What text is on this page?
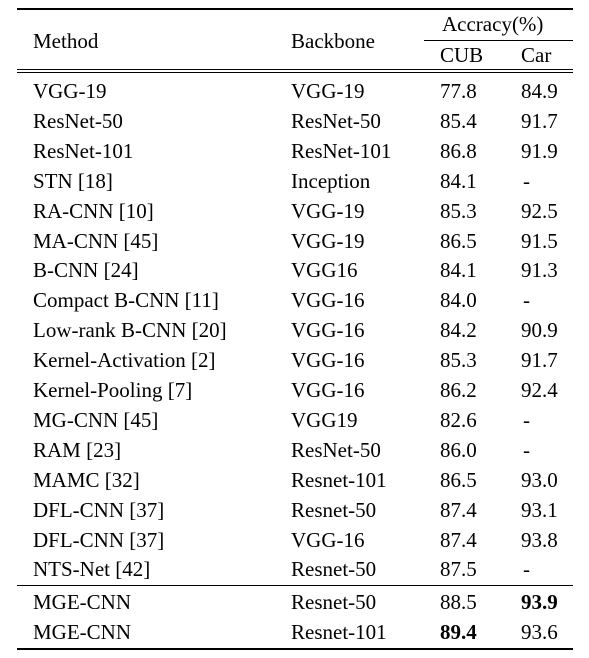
Method	Backbone
Accracy(%)
CUB Car
VGG-19	VGG-19	77.8 84.9
ResNet-50	ResNet-50	85.4 91.7
ResNet-101	ResNet-101 86.8 91.9
STN [18]	Inception	84.1 -
RA-CNN [10]	VGG-19	85.3 92.5
MA-CNN [45]	VGG-19	86.5 91.5
B-CNN [24]	VGG16	84.1 91.3
Compact B-CNN [11]	VGG-16	84.0 -
Low-rank B-CNN [20]	VGG-16	84.2 90.9
Kernel-Activation [2]	VGG-16	85.3 91.7
Kernel-Pooling [7]	VGG-16	86.2 92.4
MG-CNN [45]	VGG19	82.6 -
RAM [23]	ResNet-50	86.0 -
MAMC [32]	Resnet-101	86.5 93.0
DFL-CNN [37]	Resnet-50	87.4 93.1
DFL-CNN [37]	VGG-16	87.4 93.8
NTS-Net [42]	Resnet-50	87.5 -
MGE-CNN	Resnet-50	88.5 93.9
MGE-CNN	Resnet-101	89.4 93.6
